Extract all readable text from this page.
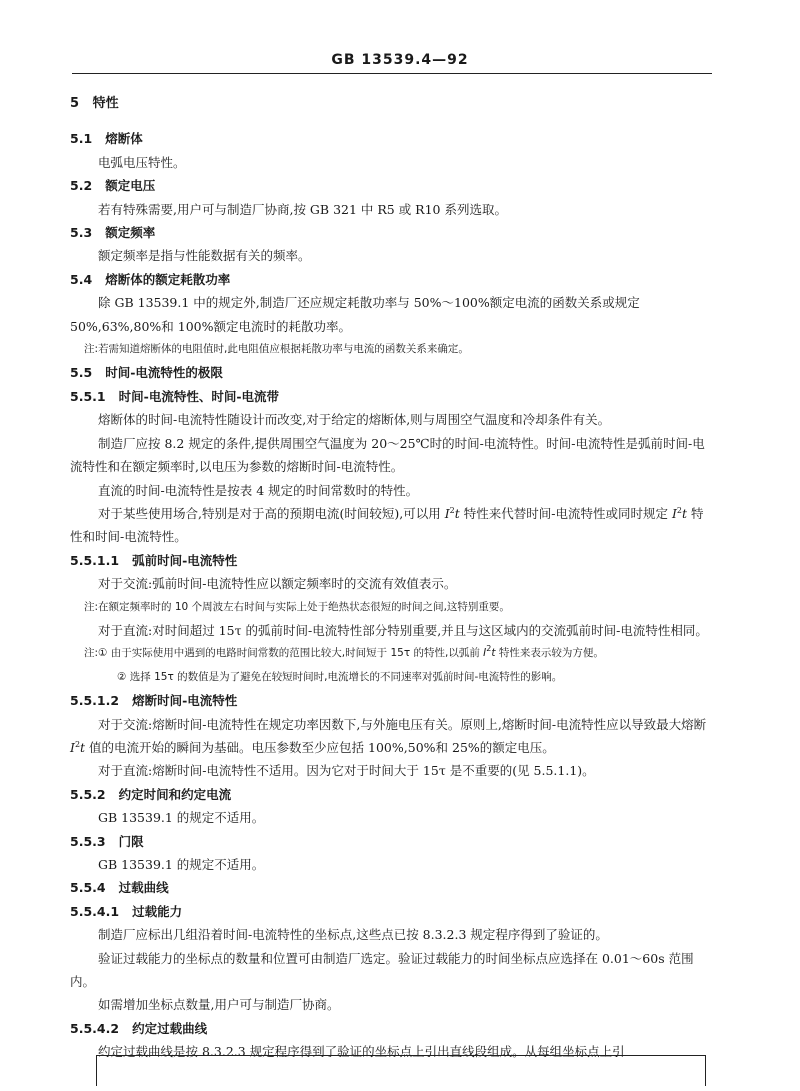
GB 13539.4—92
5 特性
5.1 熔断体
电弧电压特性。
5.2 额定电压
若有特殊需要,用户可与制造厂协商,按 GB 321 中 R5 或 R10 系列选取。
5.3 额定频率
额定频率是指与性能数据有关的频率。
5.4 熔断体的额定耗散功率
除 GB 13539.1 中的规定外,制造厂还应规定耗散功率与 50%～100%额定电流的函数关系或规定 50%,63%,80%和 100%额定电流时的耗散功率。
注:若需知道熔断体的电阻值时,此电阻值应根据耗散功率与电流的函数关系来确定。
5.5 时间-电流特性的极限
5.5.1 时间-电流特性、时间-电流带
熔断体的时间-电流特性随设计而改变,对于给定的熔断体,则与周围空气温度和冷却条件有关。
制造厂应按 8.2 规定的条件,提供周围空气温度为 20～25℃时的时间-电流特性。时间-电流特性是弧前时间-电流特性和在额定频率时,以电压为参数的熔断时间-电流特性。
直流的时间-电流特性是按表 4 规定的时间常数时的特性。
对于某些使用场合,特别是对于高的预期电流(时间较短),可以用 $I^2t$ 特性来代替时间-电流特性或同时规定 $I^2t$ 特性和时间-电流特性。
5.5.1.1 弧前时间-电流特性
对于交流:弧前时间-电流特性应以额定频率时的交流有效值表示。
注:在额定频率时的 10 个周波左右时间与实际上处于绝热状态很短的时间之间,这特别重要。
对于直流:对时间超过 15τ 的弧前时间-电流特性部分特别重要,并且与这区域内的交流弧前时间-电流特性相同。
注:① 由于实际使用中遇到的电路时间常数的范围比较大,时间短于 15τ 的特性,以弧前 $I^2t$ 特性来表示较为方便。
② 选择 15τ 的数值是为了避免在较短时间时,电流增长的不同速率对弧前时间-电流特性的影响。
5.5.1.2 熔断时间-电流特性
对于交流:熔断时间-电流特性在规定功率因数下,与外施电压有关。原则上,熔断时间-电流特性应以导致最大熔断 $I^2t$ 值的电流开始的瞬间为基础。电压参数至少应包括 100%,50%和 25%的额定电压。
对于直流:熔断时间-电流特性不适用。因为它对于时间大于 15τ 是不重要的(见 5.5.1.1)。
5.5.2 约定时间和约定电流
GB 13539.1 的规定不适用。
5.5.3 门限
GB 13539.1 的规定不适用。
5.5.4 过载曲线
5.5.4.1 过载能力
制造厂应标出几组沿着时间-电流特性的坐标点,这些点已按 8.3.2.3 规定程序得到了验证的。
验证过载能力的坐标点的数量和位置可由制造厂选定。验证过载能力的时间坐标点应选择在 0.01～60s 范围内。
如需增加坐标点数量,用户可与制造厂协商。
5.5.4.2 约定过载曲线
约定过载曲线是按 8.3.2.3 规定程序得到了验证的坐标点上引出直线段组成。从每组坐标点上引
